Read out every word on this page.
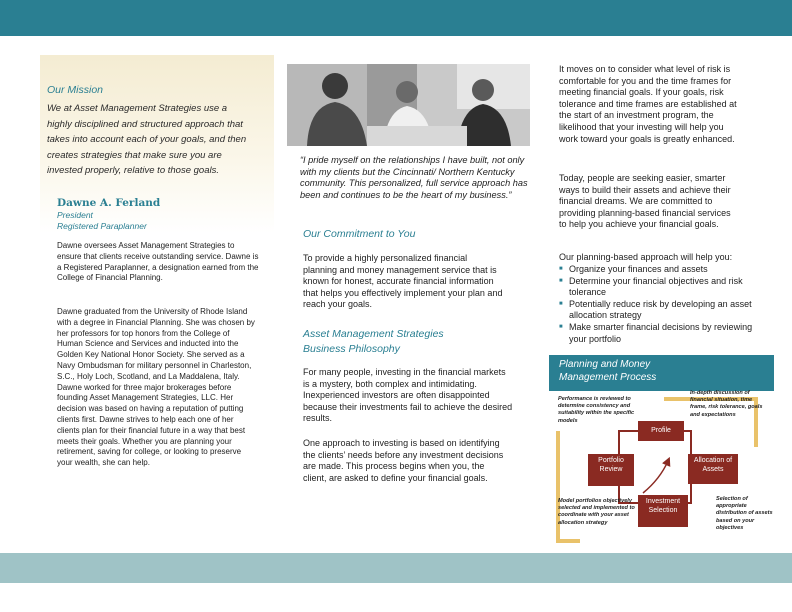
Our Mission
We at Asset Management Strategies use a highly disciplined and structured approach that takes into account each of your goals, and then creates strategies that make sure you are invested properly, relative to those goals.
Dawne A. Ferland
President
Registered Paraplanner
Dawne oversees Asset Management Strategies to ensure that clients receive outstanding service. Dawne is a Registered Paraplanner, a designation earned from the College of Financial Planning.
Dawne graduated from the University of Rhode Island with a degree in Financial Planning. She was chosen by her professors for top honors from the College of Human Science and Services and inducted into the Golden Key National Honor Society. She served as a Navy Ombudsman for military personnel in Charleston, S.C., Holy Loch, Scotland, and La Maddalena, Italy. Dawne worked for three major brokerages before founding Asset Management Strategies, LLC. Her decision was based on having a reputation of putting clients first. Dawne strives to help each one of her clients plan for their financial future in a way that best meets their goals. Whether you are planning your retirement, saving for college, or looking to preserve your wealth, she can help.
“I pride myself on the relationships I have built, not only with my clients but the Cincinnati/ Northern Kentucky community. This personalized, full service approach has been and continues to be the heart of my business.”
Our Commitment to You
To provide a highly personalized financial planning and money management service that is known for honest, accurate financial information that helps you effectively implement your plan and reach your goals.
Asset Management Strategies
Business Philosophy
For many people, investing in the financial markets is a mystery, both complex and intimidating. Inexperienced investors are often disappointed because their investments fail to achieve the desired results.
One approach to investing is based on identifying the clients’ needs before any investment decisions are made. This process begins when you, the client, are asked to define your financial goals.
It moves on to consider what level of risk is comfortable for you and the time frames for meeting financial goals. If your goals, risk tolerance and time frames are established at the start of an investment program, the likelihood that your investing will help you work toward your goals is greatly enhanced.
Today, people are seeking easier, smarter ways to build their assets and achieve their financial dreams. We are committed to providing planning-based financial services to help you achieve your financial goals.
Our planning-based approach will help you:
■ Organize your finances and assets
■ Determine your financial objectives and risk tolerance
■ Potentially reduce risk by developing an asset allocation strategy
■ Make smarter financial decisions by reviewing your portfolio
Planning and Money
Management Process
Profile
Allocation of Assets
Investment Selection
Portfolio Review
Performance is reviewed to determine consistency and suitability within the specific models
In-depth discussion of financial situation, time frame, risk tolerance, goals and expectations
Selection of appropriate distribution of assets based on your objectives
Model portfolios objectively selected and implemented to coordinate with your asset allocation strategy
